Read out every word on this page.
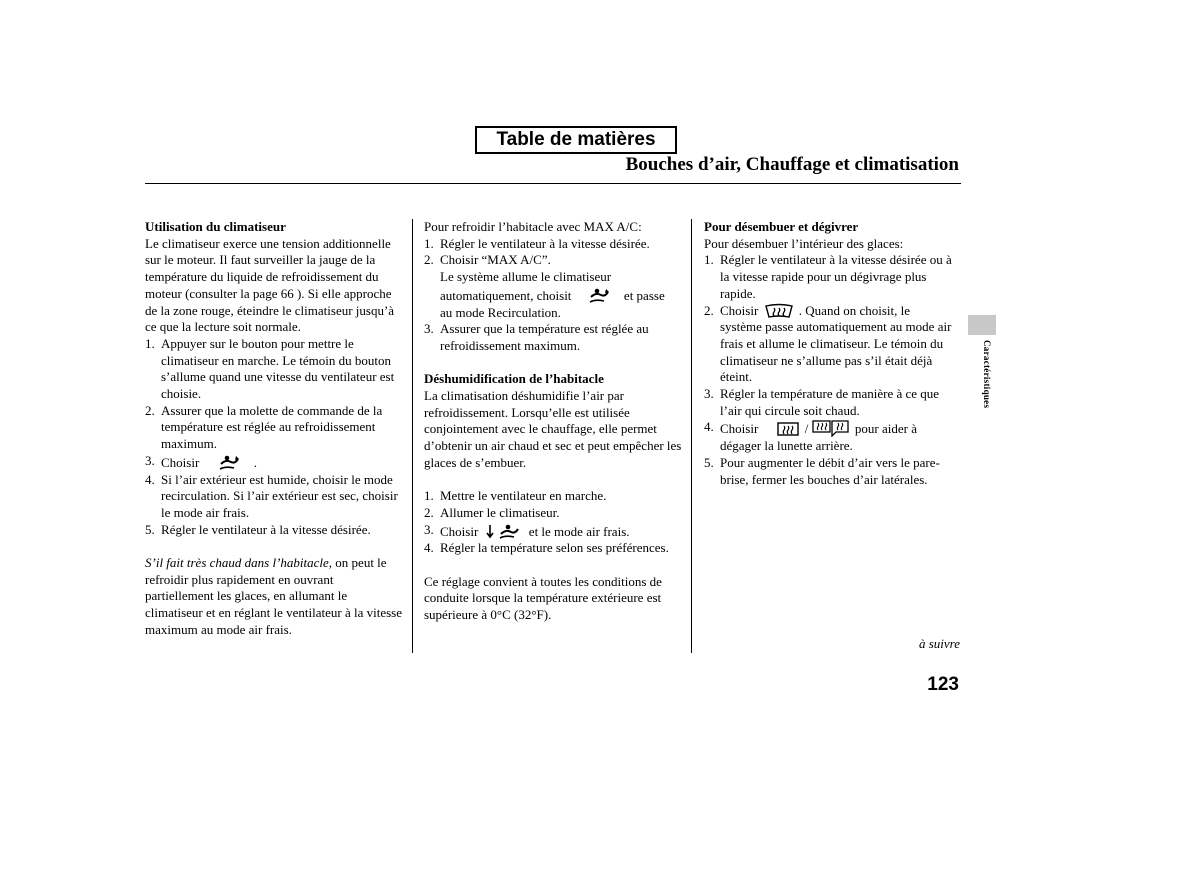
Table de matières
Bouches d’air, Chauffage et climatisation

Utilisation du climatiseur

Le climatiseur exerce une tension additionnelle sur le moteur. Il faut surveiller la jauge de la température du liquide de refroidissement du moteur (consulter la page 66 ). Si elle approche de la zone rouge, éteindre le climatiseur jusqu’à ce que la lecture soit normale.

1. Appuyer sur le bouton pour mettre le climatiseur en marche. Le témoin du bouton s’allume quand une vitesse du ventilateur est choisie.
2. Assurer que la molette de commande de la température est réglée au refroidissement maximum.
3. Choisir	.
4. Si l’air extérieur est humide, choisir le mode recirculation. Si l’air extérieur est sec, choisir le mode air frais.
5. Régler le ventilateur à la vitesse désirée.

S’il fait très chaud dans l’habitacle, on peut le refroidir plus rapidement en ouvrant partiellement les glaces, en allumant le climatiseur et en réglant le ventilateur à la vitesse maximum au mode air frais.

Pour refroidir l’habitacle avec MAX A/C:

1. Régler le ventilateur à la vitesse désirée.
2. Choisir “MAX A/C”.
Le système allume le climatiseur
automatiquement, choisit	et passe
au mode Recirculation.
3. Assurer que la température est réglée au refroidissement maximum.

Déshumidification de l’habitacle

La climatisation déshumidifie l’air par refroidissement. Lorsqu’elle est utilisée conjointement avec le chauffage, elle permet d’obtenir un air chaud et sec et peut empêcher les glaces de s’embuer.

1. Mettre le ventilateur en marche.
2. Allumer le climatiseur.
3. Choisir	et le mode air frais.
4. Régler la température selon ses préférences.

Ce réglage convient à toutes les conditions de conduite lorsque la température extérieure est supérieure à 0°C (32°F).

Pour désembuer et dégivrer

Pour désembuer l’intérieur des glaces:

1. Régler le ventilateur à la vitesse désirée ou à la vitesse rapide pour un dégivrage plus rapide.
2. Choisir	. Quand on choisit, le
système passe automatiquement au mode air frais et allume le climatiseur. Le témoin du climatiseur ne s’allume pas s’il était déjà éteint.
3. Régler la température de manière à ce que l’air qui circule soit chaud.
4. Choisir	/	pour aider à
dégager la lunette arrière.
5. Pour augmenter le débit d’air vers le pare-brise, fermer les bouches d’air latérales.
Caractéristiques
à suivre
123
